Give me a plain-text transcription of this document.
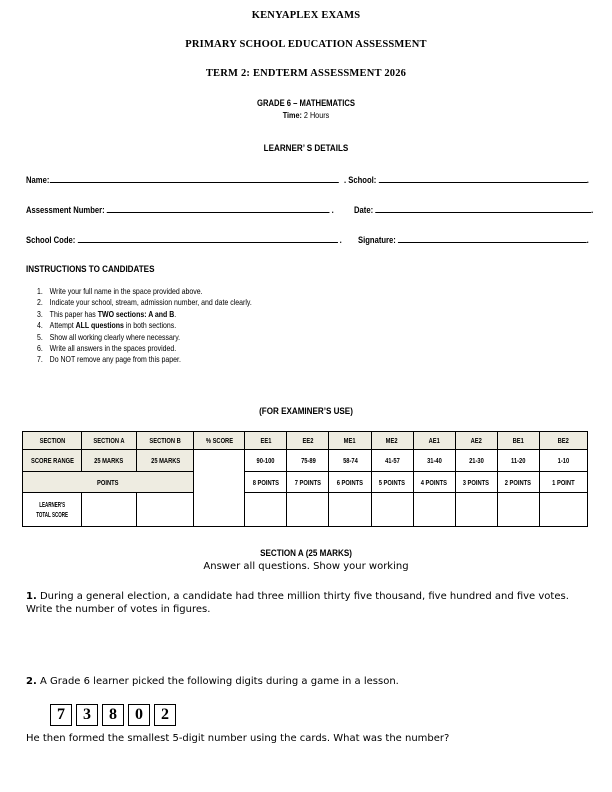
KENYAPLEX EXAMS
PRIMARY SCHOOL EDUCATION ASSESSMENT
TERM 2: ENDTERM ASSESSMENT 2026
GRADE 6 – MATHEMATICS
Time: 2 Hours
LEARNER’ S DETAILS
Name:	. School:	.
Assessment Number:	. Date:	.
School Code:	. Signature:	.
INSTRUCTIONS TO CANDIDATES
1. Write your full name in the space provided above.
2. Indicate your school, stream, admission number, and date clearly.
3. This paper has TWO sections: A and B.
4. Attempt ALL questions in both sections.
5. Show all working clearly where necessary.
6. Write all answers in the spaces provided.
7. Do NOT remove any page from this paper.
(FOR EXAMINER’S USE)
SECTION	SECTION A	SECTION B	% SCORE	EE1	EE2	ME1	ME2	AE1	AE2	BE1	BE2
SCORE RANGE	25 MARKS	25 MARKS		90-100	75-89	58-74	41-57	31-40	21-30	11-20	1-10
POINTS				8 POINTS	7 POINTS	6 POINTS	5 POINTS	4 POINTS	3 POINTS	2 POINTS	1 POINT
LEARNER'S
TOTAL SCORE											
SECTION A (25 MARKS)
Answer all questions. Show your working
1. During a general election, a candidate had three million thirty five thousand, five hundred and five votes. Write the number of votes in figures.
2. A Grade 6 learner picked the following digits during a game in a lesson.
7	3	8	0	2
He then formed the smallest 5-digit number using the cards. What was the number?
